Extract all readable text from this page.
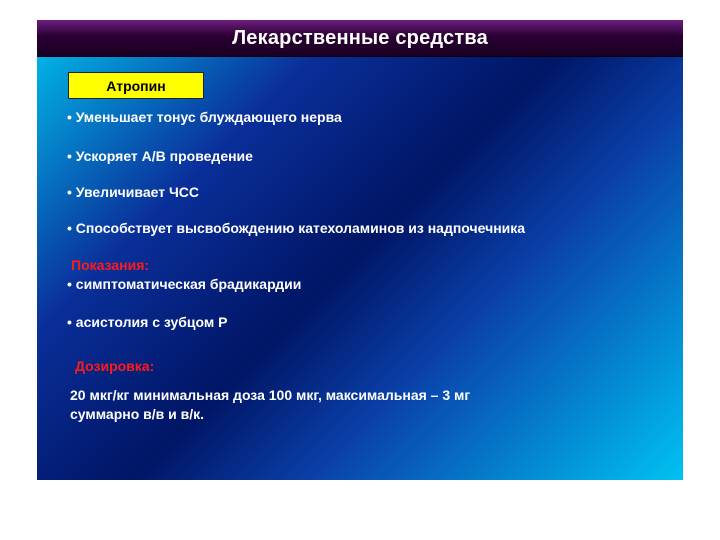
Лекарственные средства
Атропин
• Уменьшает тонус блуждающего нерва
• Ускоряет А/В проведение
• Увеличивает ЧСС
• Способствует высвобождению катехоламинов из надпочечника
Показания:
• симптоматическая брадикардии
• асистолия с зубцом Р
Дозировка:
20 мкг/кг минимальная доза 100 мкг, максимальная – 3 мг
суммарно в/в и в/к.
